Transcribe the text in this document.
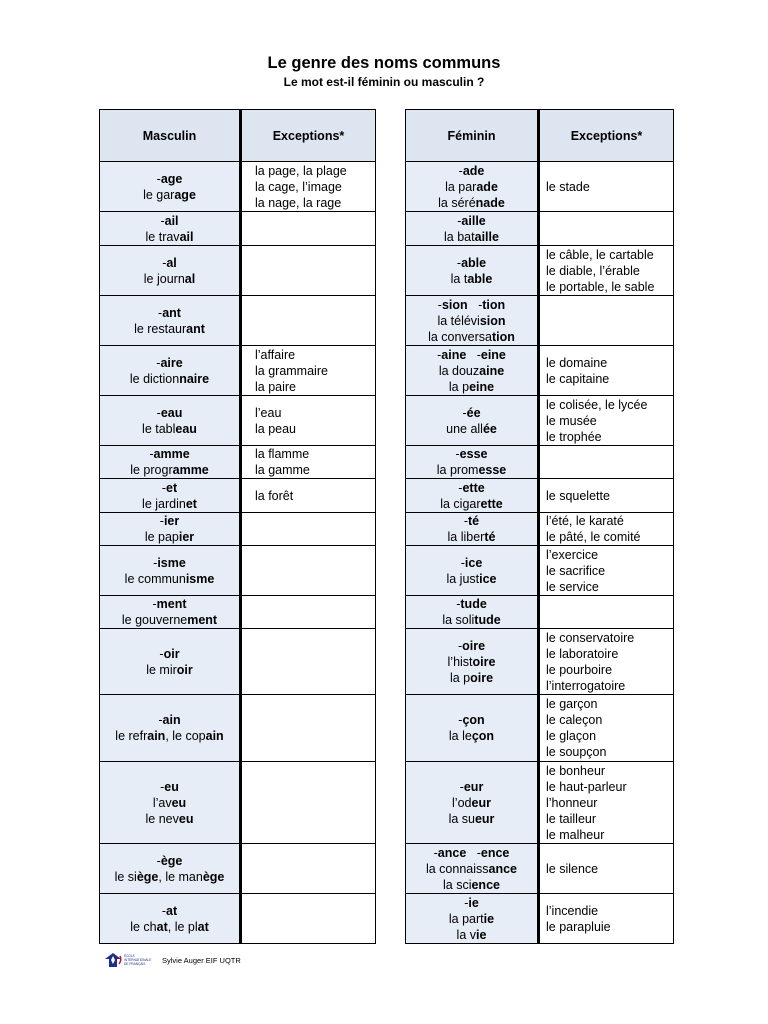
Le genre des noms communs
Le mot est-il féminin ou masculin ?
Masculin	Exceptions*

-age
le garage	la page, la plage
la cage, l’image
la nage, la rage

-ail
le travail	

-al
le journal	

-ant
le restaurant	

-aire
le dictionnaire	l’affaire
la grammaire
la paire

-eau
le tableau	l’eau
la peau

-amme
le programme	la flamme
la gamme

-et
le jardinet	la forêt

-ier
le papier	

-isme
le communisme	

-ment
le gouvernement	

-oir
le miroir	

-ain
le refrain, le copain	

-eu
l’aveu
le neveu	

-ège
le siège, le manège	

-at
le chat, le plat	

Féminin	Exceptions*

-ade
la parade
la sérénade	le stade

-aille
la bataille	

-able
la table	le câble, le cartable
le diable, l’érable
le portable, le sable

-sion   -tion
la télévision
la conversation	

-aine   -eine
la douzaine
la peine	le domaine
le capitaine

-ée
une allée	le colisée, le lycée
le musée
le trophée

-esse
la promesse	

-ette
la cigarette	le squelette

-té
la liberté	l’été, le karaté
le pâté, le comité

-ice
la justice	l’exercice
le sacrifice
le service

-tude
la solitude	

-oire
l’histoire
la poire	le conservatoire
le laboratoire
le pourboire
l’interrogatoire

-çon
la leçon	le garçon
le caleçon
le glaçon
le soupçon

-eur
l’odeur
la sueur	le bonheur
le haut-parleur
l’honneur
le tailleur
le malheur

-ance   -ence
la connaissance
la science	le silence

-ie
la partie
la vie	l’incendie
le parapluie
ÉCOLE
INTERNATIONALE
DE FRANÇAIS Sylvie Auger EIF UQTR
